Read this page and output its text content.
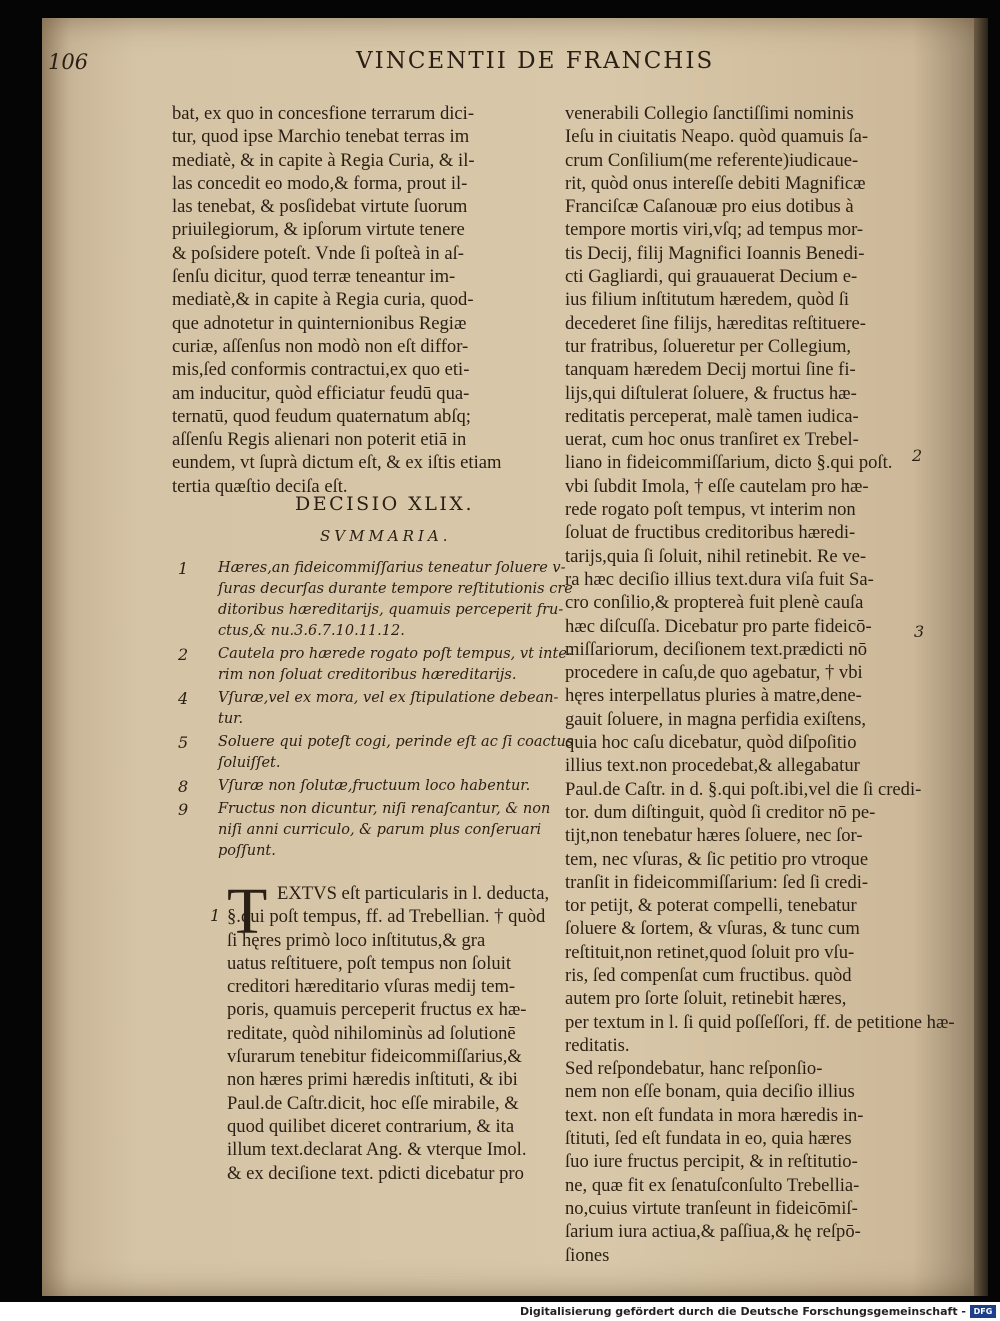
106	VINCENTII DE FRANCHIS
bat, ex quo in concesfione terrarum dici-
tur, quod ipse Marchio tenebat terras im
mediatè, & in capite à Regia Curia, & il-
las concedit eo modo,& forma, prout il-
las tenebat, & posſidebat virtute ſuorum
priuilegiorum, & ipſorum virtute tenere
& poſsidere poteſt. Vnde ſi poſteà in aſ-
ſenſu dicitur, quod terræ teneantur im-
mediatè,& in capite à Regia curia, quod-
que adnotetur in quinternionibus Regiæ
curiæ, aſſenſus non modò non eſt diffor-
mis,ſed conformis contractui,ex quo eti-
am inducitur, quòd efficiatur feudū qua-
ternatū, quod feudum quaternatum abſq;
aſſenſu Regis alienari non poterit etiā in
eundem, vt ſuprà dictum eſt, & ex iſtis etiam
tertia quæſtio deciſa eſt.
DECISIO XLIX.
SVMMARIA.
1 Hæres,an fideicommiſſarius teneatur ſoluere v-
ſuras decurſas durante tempore reſtitutionis cre
ditoribus hæreditarijs, quamuis perceperit fru-
ctus,& nu.3.6.7.10.11.12.
2 Cautela pro hærede rogato poſt tempus, vt inte-
rim non ſoluat creditoribus hæreditarijs.
4 Vſuræ,vel ex mora, vel ex ſtipulatione debean-
tur.
5 Soluere qui poteſt cogi, perinde eſt ac ſi coactus
ſoluiſſet.
8 Vſuræ non ſolutæ,fructuum loco habentur.
9 Fructus non dicuntur, niſi renaſcantur, & non
niſi anni curriculo, & parum plus conſeruari
poſſunt.
1
2
3
T EXTVS eſt particularis in l. deducta,
§.qui poſt tempus, ff. ad Trebellian. † quòd
ſi hęres primò loco inſtitutus,& gra
uatus reſtituere, poſt tempus non ſoluit
creditori hæreditario vſuras medij tem-
poris, quamuis perceperit fructus ex hæ-
reditate, quòd nihilominùs ad ſolutionē
vſurarum tenebitur fideicommiſſarius,&
non hæres primi hæredis inſtituti, & ibi
Paul.de Caſtr.dicit, hoc eſſe mirabile, &
quod quilibet diceret contrarium, & ita
illum text.declarat Ang. & vterque Imol.
& ex deciſione text. pdicti dicebatur pro
venerabili Collegio ſanctiſſimi nominis
Ieſu in ciuitatis Neapo. quòd quamuis ſa-
crum Conſilium(me referente)iudicaue-
rit, quòd onus intereſſe debiti Magnificæ
Franciſcæ Caſanouæ pro eius dotibus à
tempore mortis viri,vſq; ad tempus mor-
tis Decij, filij Magnifici Ioannis Benedi-
cti Gagliardi, qui grauauerat Decium e-
ius filium inſtitutum hæredem, quòd ſi
decederet ſine filijs, hæreditas reſtituere-
tur fratribus, ſolueretur per Collegium,
tanquam hæredem Decij mortui ſine fi-
lijs,qui diſtulerat ſoluere, & fructus hæ-
reditatis perceperat, malè tamen iudica-
uerat, cum hoc onus tranſiret ex Trebel-
liano in fideicommiſſarium, dicto §.qui poſt.
vbi ſubdit Imola, † eſſe cautelam pro hæ-
rede rogato poſt tempus, vt interim non
ſoluat de fructibus creditoribus hæredi-
tarijs,quia ſi ſoluit, nihil retinebit. Re ve-
ra hæc deciſio illius text.dura viſa fuit Sa-
cro conſilio,& proptereà fuit plenè cauſa
hæc diſcuſſa. Dicebatur pro parte fideicō-
miſſariorum, deciſionem text.prædicti nō
procedere in caſu,de quo agebatur, † vbi
hęres interpellatus pluries à matre,dene-
gauit ſoluere, in magna perfidia exiſtens,
quia hoc caſu dicebatur, quòd diſpoſitio
illius text.non procedebat,& allegabatur
Paul.de Caſtr. in d. §.qui poſt.ibi,vel die ſi credi-
tor. dum diſtinguit, quòd ſi creditor nō pe-
tijt,non tenebatur hæres ſoluere, nec ſor-
tem, nec vſuras, & ſic petitio pro vtroque
tranſit in fideicommiſſarium: ſed ſi credi-
tor petijt, & poterat compelli, tenebatur
ſoluere & ſortem, & vſuras, & tunc cum
reſtituit,non retinet,quod ſoluit pro vſu-
ris, ſed compenſat cum fructibus. quòd
autem pro ſorte ſoluit, retinebit hæres,
per textum in l. ſi quid poſſeſſori, ff. de petitione hæ-
reditatis.
Sed reſpondebatur, hanc reſponſio-
nem non eſſe bonam, quia deciſio illius
text. non eſt fundata in mora hæredis in-
ſtituti, ſed eſt fundata in eo, quia hæres
ſuo iure fructus percipit, & in reſtitutio-
ne, quæ fit ex ſenatuſconſulto Trebellia-
no,cuius virtute tranſeunt in fideicōmiſ-
ſarium iura actiua,& paſſiua,& hę reſpō-
ſiones
Digitalisierung gefördert durch die Deutsche Forschungsgemeinschaft - DFG
